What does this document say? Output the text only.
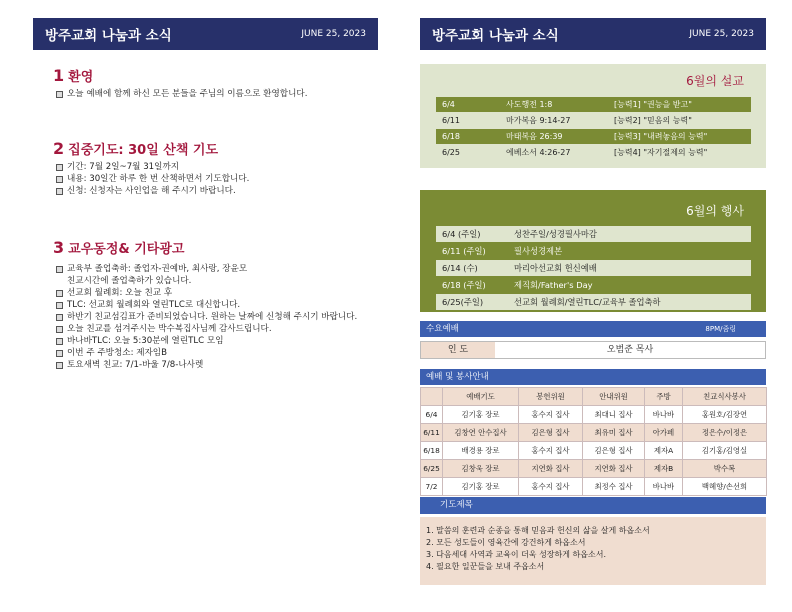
방주교회 나눔과 소식	JUNE 25, 2023
1 환영
오늘 예배에 함께 하신 모든 분들을 주님의 이름으로 환영합니다.
2 집중기도: 30일 산책 기도
기간: 7월 2일~7월 31일까지
내용: 30일간 하루 한 번 산책하면서 기도합니다.
신청: 신청자는 사인업을 해 주시기 바랍니다.
3 교우동정& 기타광고
교육부 졸업축하: 졸업자-권예바, 최사랑, 장윤모
친교시간에 졸업축하가 있습니다.
선교회 월례회: 오늘 친교 후
TLC: 선교회 월례회와 열린TLC로 대신합니다.
하반기 친교섬김표가 준비되었습니다. 원하는 날짜에 신청해 주시기 바랍니다.
오늘 친교를 섬겨주시는 박수복집사님께 감사드립니다.
바나바TLC: 오늘 5:30분에 열린TLC 모임
이번 주 주방청소: 제자임B
토요새벽 친교: 7/1-바울 7/8-나사렛
방주교회 나눔과 소식	JUNE 25, 2023
6월의 설교
6/4	사도행전 1:8	[능력1] "권능을 받고"
6/11	마가복음 9:14-27	[능력2] "믿음의 능력"
6/18	마태복음 26:39	[능력3] "내려놓음의 능력"
6/25	에베소서 4:26-27	[능력4] "자기절제의 능력"
6월의 행사
6/4 (주일)	성찬주일/성경필사마감
6/11 (주일)	필사성경제본
6/14 (수)	마리아선교회 헌신예배
6/18 (주일)	제직회/Father's Day
6/25(주일)	선교회 월례회/열린TLC/교육부 졸업축하
수요예배	8PM/줌링
인 도	오범준 목사
예배 및 봉사안내
	예배기도	봉헌위원	안내위원	주방	친교식사봉사
6/4	김기홍 장로	홍수지 집사	최대니 집사	바나바	홍원호/김장연
6/11	김창연 안수집사	김은형 집사	최유미 집사	아가페	정은수/이정은
6/18	배경용 장로	홍수지 집사	김은형 집사	제자A	김기홍/김영실
6/25	김창욱 장로	지연화 집사	지연화 집사	제자B	박수복
7/2	김기홍 장로	홍수지 집사	최정수 집사	바나바	백혜향/손선희
기도제목
1. 말씀의 훈련과 순종을 통해 믿음과 헌신의 삶을 살게 하옵소서
2. 모든 성도들이 영육간에 강건하게 하옵소서
3. 다음세대 사역과 교육이 더욱 성장하게 하옵소서.
4. 필요한 일꾼들을 보내 주옵소서
